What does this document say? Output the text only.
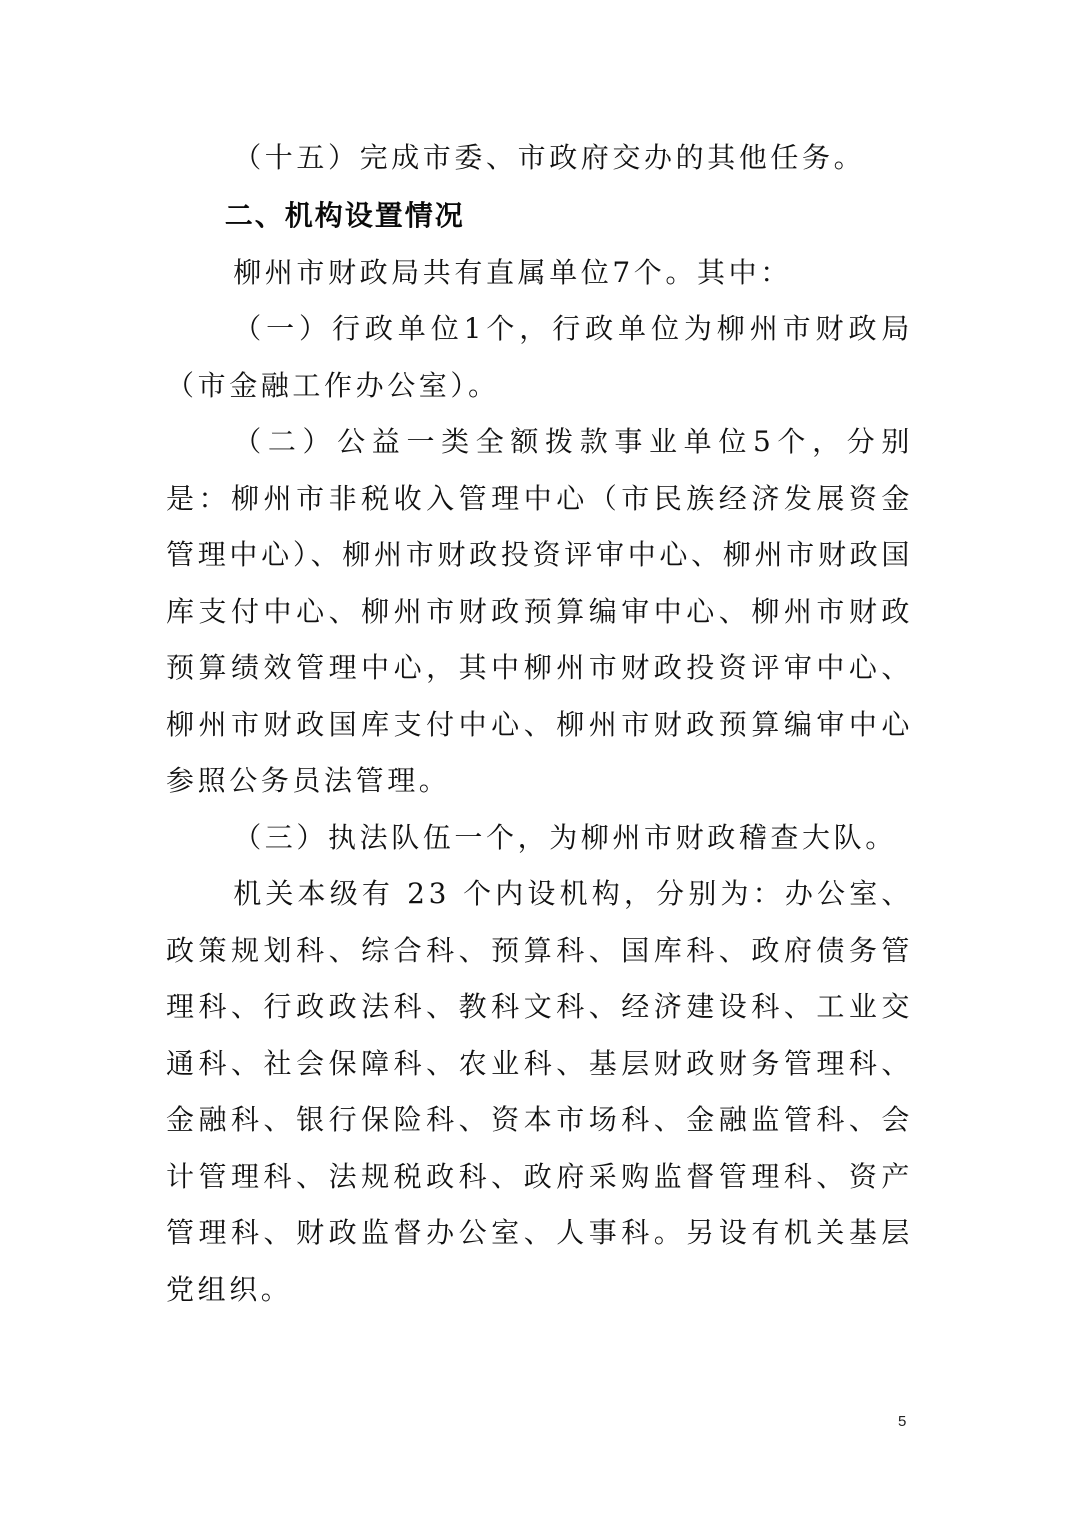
（十五）完成市委、市政府交办的其他任务。

二、机构设置情况

柳州市财政局共有直属单位7个。其中：

（一）行政单位1个，行政单位为柳州市财政局（市金融工作办公室）。

（二）公益一类全额拨款事业单位5个，分别是：柳州市非税收入管理中心（市民族经济发展资金管理中心）、柳州市财政投资评审中心、柳州市财政国库支付中心、柳州市财政预算编审中心、柳州市财政预算绩效管理中心，其中柳州市财政投资评审中心、柳州市财政国库支付中心、柳州市财政预算编审中心参照公务员法管理。

（三）执法队伍一个，为柳州市财政稽查大队。

机关本级有 23 个内设机构，分别为：办公室、政策规划科、综合科、预算科、国库科、政府债务管理科、行政政法科、教科文科、经济建设科、工业交通科、社会保障科、农业科、基层财政财务管理科、金融科、银行保险科、资本市场科、金融监管科、会计管理科、法规税政科、政府采购监督管理科、资产管理科、财政监督办公室、人事科。另设有机关基层党组织。

5
